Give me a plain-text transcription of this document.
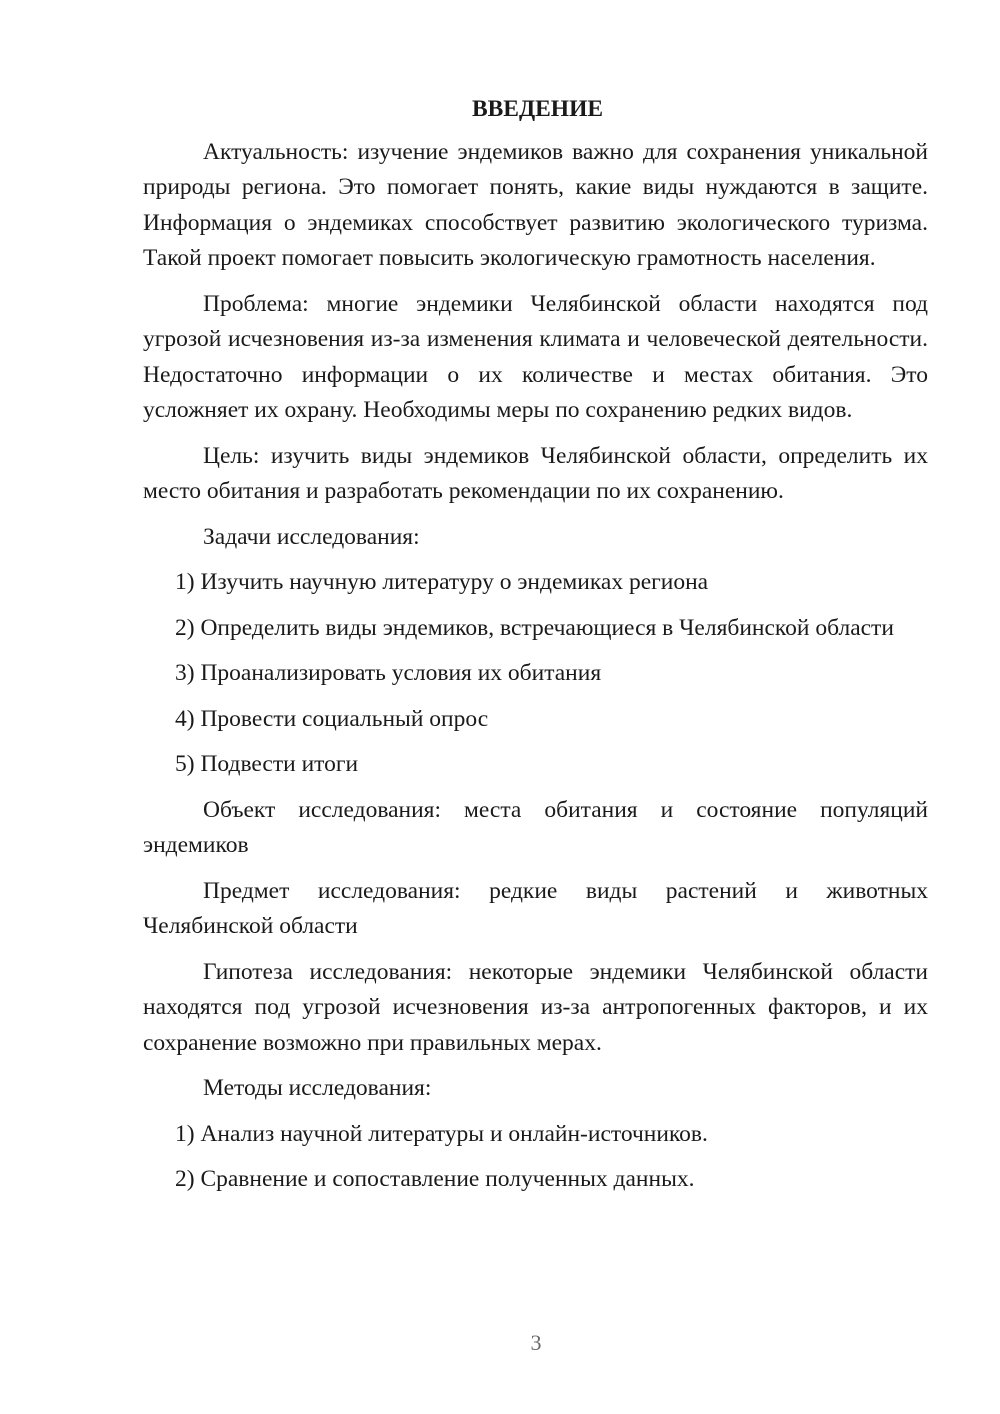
ВВЕДЕНИЕ

Актуальность: изучение эндемиков важно для сохранения уникальной природы региона. Это помогает понять, какие виды нуждаются в защите. Информация о эндемиках способствует развитию экологического туризма. Такой проект помогает повысить экологическую грамотность населения.

Проблема: многие эндемики Челябинской области находятся под угрозой исчезновения из-за изменения климата и человеческой деятельности. Недостаточно информации о их количестве и местах обитания. Это усложняет их охрану. Необходимы меры по сохранению редких видов.

Цель: изучить виды эндемиков Челябинской области, определить их место обитания и разработать рекомендации по их сохранению.

Задачи исследования:

1) Изучить научную литературу о эндемиках региона

2) Определить виды эндемиков, встречающиеся в Челябинской области

3) Проанализировать условия их обитания

4) Провести социальный опрос

5) Подвести итоги

Объект исследования: места обитания и состояние популяций эндемиков

Предмет исследования: редкие виды растений и животных Челябинской области

Гипотеза исследования: некоторые эндемики Челябинской области находятся под угрозой исчезновения из-за антропогенных факторов, и их сохранение возможно при правильных мерах.

Методы исследования:

1) Анализ научной литературы и онлайн-источников.

2) Сравнение и сопоставление полученных данных.

3
